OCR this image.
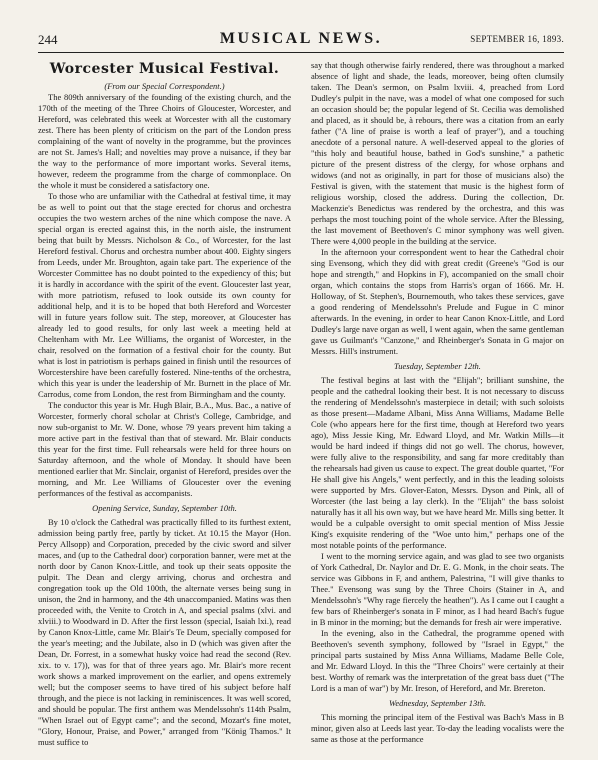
244	MUSICAL NEWS.	SEPTEMBER 16, 1893.
Worcester Musical Festival.

(From our Special Correspondent.)

The 809th anniversary of the founding of the existing church, and the 170th of the meeting of the Three Choirs of Gloucester, Worcester, and Hereford, was celebrated this week at Worcester with all the customary zest. There has been plenty of criticism on the part of the London press complaining of the want of novelty in the programme, but the provinces are not St. James's Hall; and novelties may prove a nuisance, if they bar the way to the performance of more important works. Several items, however, redeem the programme from the charge of commonplace. On the whole it must be considered a satisfactory one.

To those who are unfamiliar with the Cathedral at festival time, it may be as well to point out that the stage erected for chorus and orchestra occupies the two western arches of the nine which compose the nave. A special organ is erected against this, in the north aisle, the instrument being that built by Messrs. Nicholson & Co., of Worcester, for the last Hereford festival. Chorus and orchestra number about 400. Eighty singers from Leeds, under Mr. Broughton, again take part. The experience of the Worcester Committee has no doubt pointed to the expediency of this; but it is hardly in accordance with the spirit of the event. Gloucester last year, with more patriotism, refused to look outside its own county for additional help, and it is to be hoped that both Hereford and Worcester will in future years follow suit. The step, moreover, at Gloucester has already led to good results, for only last week a meeting held at Cheltenham with Mr. Lee Williams, the organist of Worcester, in the chair, resolved on the formation of a festival choir for the county. But what is lost in patriotism is perhaps gained in finish until the resources of Worcestershire have been carefully fostered. Nine-tenths of the orchestra, which this year is under the leadership of Mr. Burnett in the place of Mr. Carrodus, come from London, the rest from Birmingham and the county.

The conductor this year is Mr. Hugh Blair, B.A., Mus. Bac., a native of Worcester, formerly choral scholar at Christ's College, Cambridge, and now sub-organist to Mr. W. Done, whose 79 years prevent him taking a more active part in the festival than that of steward. Mr. Blair conducts this year for the first time. Full rehearsals were held for three hours on Saturday afternoon, and the whole of Monday. It should have been mentioned earlier that Mr. Sinclair, organist of Hereford, presides over the morning, and Mr. Lee Williams of Gloucester over the evening performances of the festival as accompanists.

Opening Service, Sunday, September 10th.

By 10 o'clock the Cathedral was practically filled to its furthest extent, admission being partly free, partly by ticket. At 10.15 the Mayor (Hon. Percy Allsopp) and Corporation, preceded by the civic sword and silver maces, and (up to the Cathedral door) corporation banner, were met at the north door by Canon Knox-Little, and took up their seats opposite the pulpit. The Dean and clergy arriving, chorus and orchestra and congregation took up the Old 100th, the alternate verses being sung in unison, the 2nd in harmony, and the 4th unaccompanied. Matins was then proceeded with, the Venite to Crotch in A, and special psalms (xlvi. and xlviii.) to Woodward in D. After the first lesson (special, Isaiah lxi.), read by Canon Knox-Little, came Mr. Blair's Te Deum, specially composed for the year's meeting; and the Jubilate, also in D (which was given after the Dean, Dr. Forrest, in a somewhat husky voice had read the second (Rev. xix. to v. 17)), was for that of three years ago. Mr. Blair's more recent work shows a marked improvement on the earlier, and opens extremely well; but the composer seems to have tired of his subject before half through, and the piece is not lacking in reminiscences. It was well scored, and should be popular. The first anthem was Mendelssohn's 114th Psalm, "When Israel out of Egypt came"; and the second, Mozart's fine motet, "Glory, Honour, Praise, and Power," arranged from "König Thamos." It must suffice to

say that though otherwise fairly rendered, there was throughout a marked absence of light and shade, the leads, moreover, being often clumsily taken. The Dean's sermon, on Psalm lxviii. 4, preached from Lord Dudley's pulpit in the nave, was a model of what one composed for such an occasion should be; the popular legend of St. Cecilia was demolished and placed, as it should be, à rebours, there was a citation from an early father ("A line of praise is worth a leaf of prayer"), and a touching anecdote of a personal nature. A well-deserved appeal to the glories of "this holy and beautiful house, bathed in God's sunshine," a pathetic picture of the present distress of the clergy, for whose orphans and widows (and not as originally, in part for those of musicians also) the Festival is given, with the statement that music is the highest form of religious worship, closed the address. During the collection, Dr. Mackenzie's Benedictus was rendered by the orchestra, and this was perhaps the most touching point of the whole service. After the Blessing, the last movement of Beethoven's C minor symphony was well given. There were 4,000 people in the building at the service.

In the afternoon your correspondent went to hear the Cathedral choir sing Evensong, which they did with great credit (Greene's "God is our hope and strength," and Hopkins in F), accompanied on the small choir organ, which contains the stops from Harris's organ of 1666. Mr. H. Holloway, of St. Stephen's, Bournemouth, who takes these services, gave a good rendering of Mendelssohn's Prelude and Fugue in C minor afterwards. In the evening, in order to hear Canon Knox-Little, and Lord Dudley's large nave organ as well, I went again, when the same gentleman gave us Guilmant's "Canzone," and Rheinberger's Sonata in G major on Messrs. Hill's instrument.

Tuesday, September 12th.

The festival begins at last with the "Elijah"; brilliant sunshine, the people and the cathedral looking their best. It is not necessary to discuss the rendering of Mendelssohn's masterpiece in detail; with such soloists as those present—Madame Albani, Miss Anna Williams, Madame Belle Cole (who appears here for the first time, though at Hereford two years ago), Miss Jessie King, Mr. Edward Lloyd, and Mr. Watkin Mills—it would be hard indeed if things did not go well. The chorus, however, were fully alive to the responsibility, and sang far more creditably than the rehearsals had given us cause to expect. The great double quartet, "For He shall give his Angels," went perfectly, and in this the leading soloists were supported by Mrs. Glover-Eaton, Messrs. Dyson and Pink, all of Worcester (the last being a lay clerk). In the "Elijah" the bass soloist naturally has it all his own way, but we have heard Mr. Mills sing better. It would be a culpable oversight to omit special mention of Miss Jessie King's exquisite rendering of the "Woe unto him," perhaps one of the most notable points of the performance.

I went to the morning service again, and was glad to see two organists of York Cathedral, Dr. Naylor and Dr. E. G. Monk, in the choir seats. The service was Gibbons in F, and anthem, Palestrina, "I will give thanks to Thee." Evensong was sung by the Three Choirs (Stainer in A, and Mendelssohn's "Why rage fiercely the heathen"). As I came out I caught a few bars of Rheinberger's sonata in F minor, as I had heard Bach's fugue in B minor in the morning; but the demands for fresh air were imperative.

In the evening, also in the Cathedral, the programme opened with Beethoven's seventh symphony, followed by "Israel in Egypt," the principal parts sustained by Miss Anna Williams, Madame Belle Cole, and Mr. Edward Lloyd. In this the "Three Choirs" were certainly at their best. Worthy of remark was the interpretation of the great bass duet ("The Lord is a man of war") by Mr. Ireson, of Hereford, and Mr. Brereton.

Wednesday, September 13th.

This morning the principal item of the Festival was Bach's Mass in B minor, given also at Leeds last year. To-day the leading vocalists were the same as those at the performance
